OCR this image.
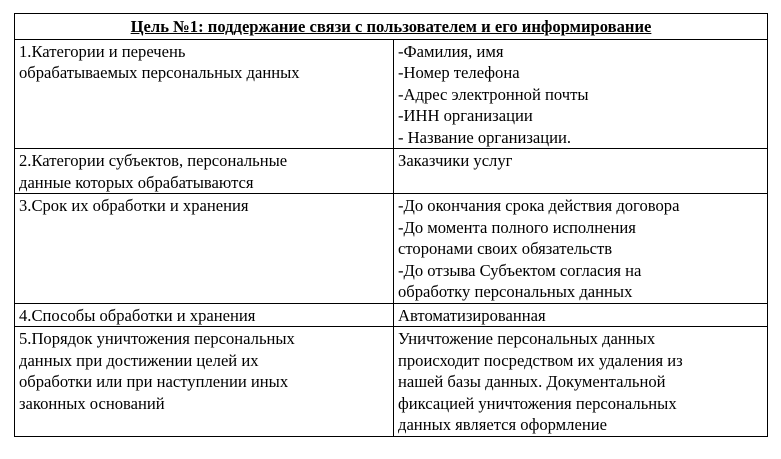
Цель №1: поддержание связи с пользователем и его информирование	

1.Категории и перечень
обрабатываемых персональных данных	-Фамилия, имя
-Номер телефона
-Адрес электронной почты
-ИНН организации
- Название организации.

2.Категории субъектов, персональные
данные которых обрабатываются	Заказчики услуг

3.Срок их обработки и хранения	-До окончания срока действия договора
-До момента полного исполнения
сторонами своих обязательств
-До отзыва Субъектом согласия на
обработку персональных данных

4.Способы обработки и хранения	Автоматизированная

5.Порядок уничтожения персональных
данных при достижении целей их
обработки или при наступлении иных
законных оснований	Уничтожение персональных данных
происходит посредством их удаления из
нашей базы данных. Документальной
фиксацией уничтожения персональных
данных является оформление
